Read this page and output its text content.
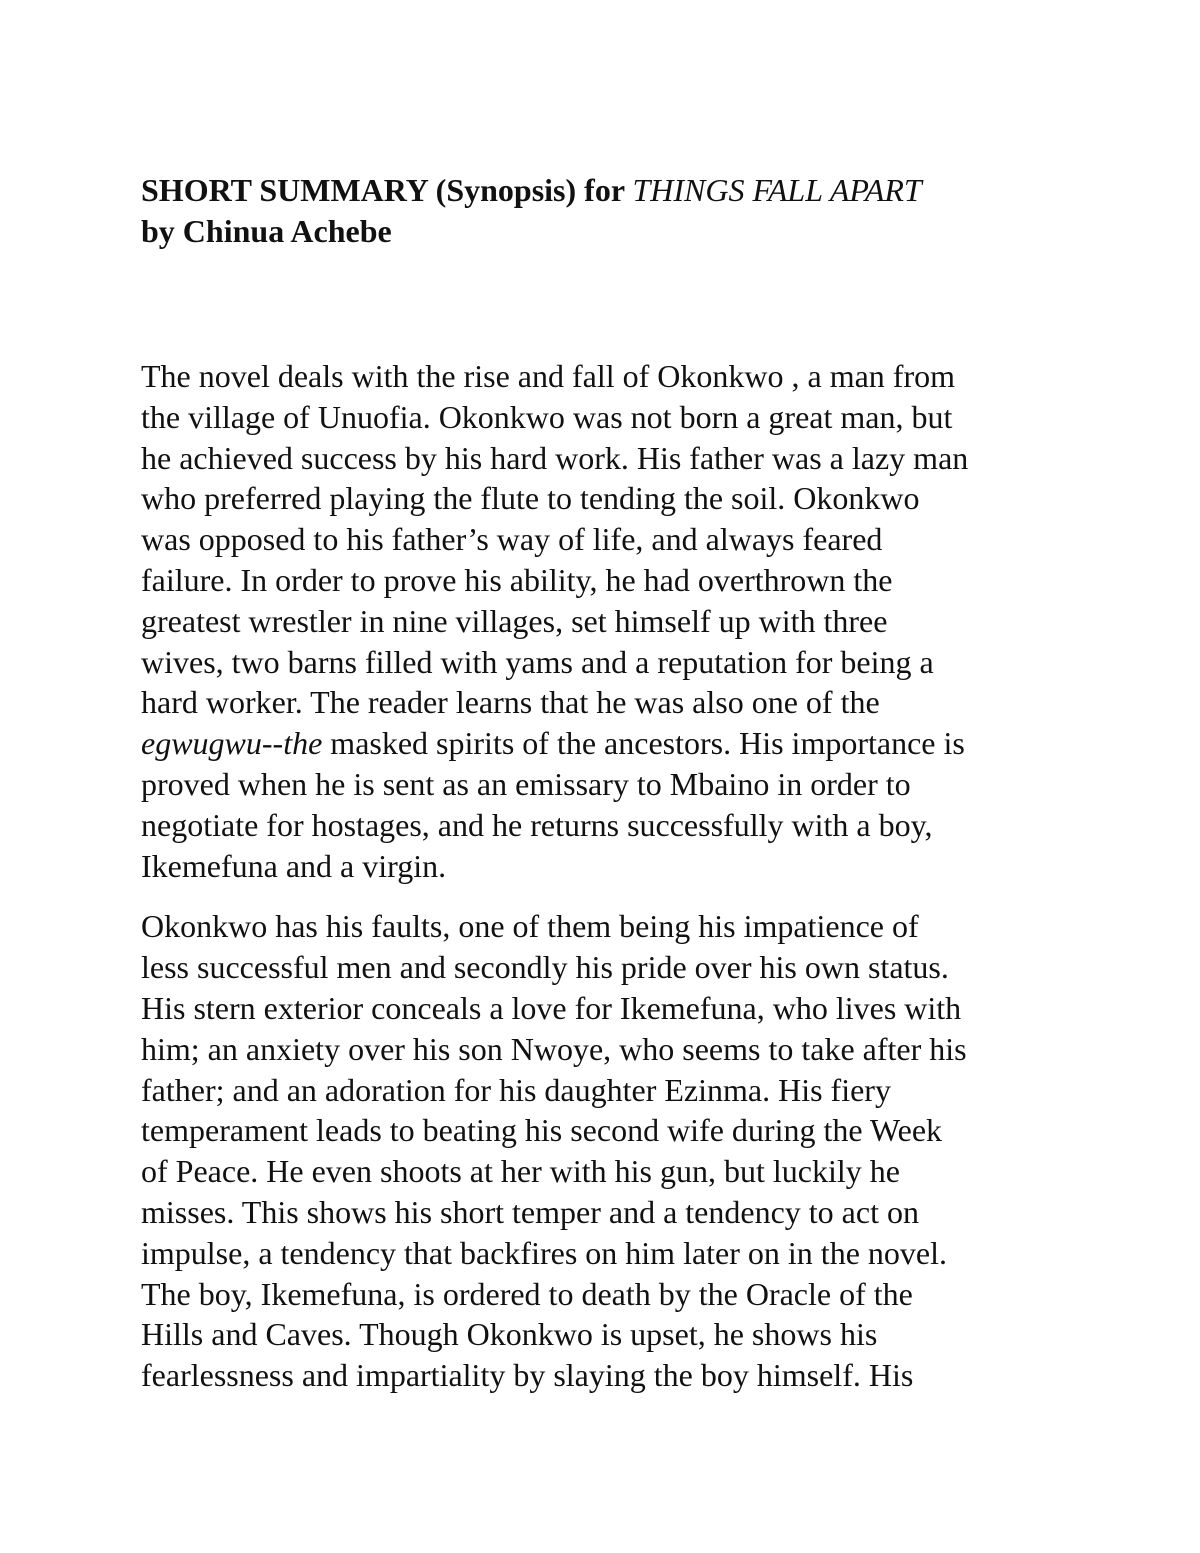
SHORT SUMMARY (Synopsis) for THINGS FALL APART
by Chinua Achebe

The novel deals with the rise and fall of Okonkwo , a man from
the village of Unuofia. Okonkwo was not born a great man, but
he achieved success by his hard work. His father was a lazy man
who preferred playing the flute to tending the soil. Okonkwo
was opposed to his father’s way of life, and always feared
failure. In order to prove his ability, he had overthrown the
greatest wrestler in nine villages, set himself up with three
wives, two barns filled with yams and a reputation for being a
hard worker. The reader learns that he was also one of the
egwugwu--the masked spirits of the ancestors. His importance is
proved when he is sent as an emissary to Mbaino in order to
negotiate for hostages, and he returns successfully with a boy,
Ikemefuna and a virgin.

Okonkwo has his faults, one of them being his impatience of
less successful men and secondly his pride over his own status.
His stern exterior conceals a love for Ikemefuna, who lives with
him; an anxiety over his son Nwoye, who seems to take after his
father; and an adoration for his daughter Ezinma. His fiery
temperament leads to beating his second wife during the Week
of Peace. He even shoots at her with his gun, but luckily he
misses. This shows his short temper and a tendency to act on
impulse, a tendency that backfires on him later on in the novel.
The boy, Ikemefuna, is ordered to death by the Oracle of the
Hills and Caves. Though Okonkwo is upset, he shows his
fearlessness and impartiality by slaying the boy himself. His
